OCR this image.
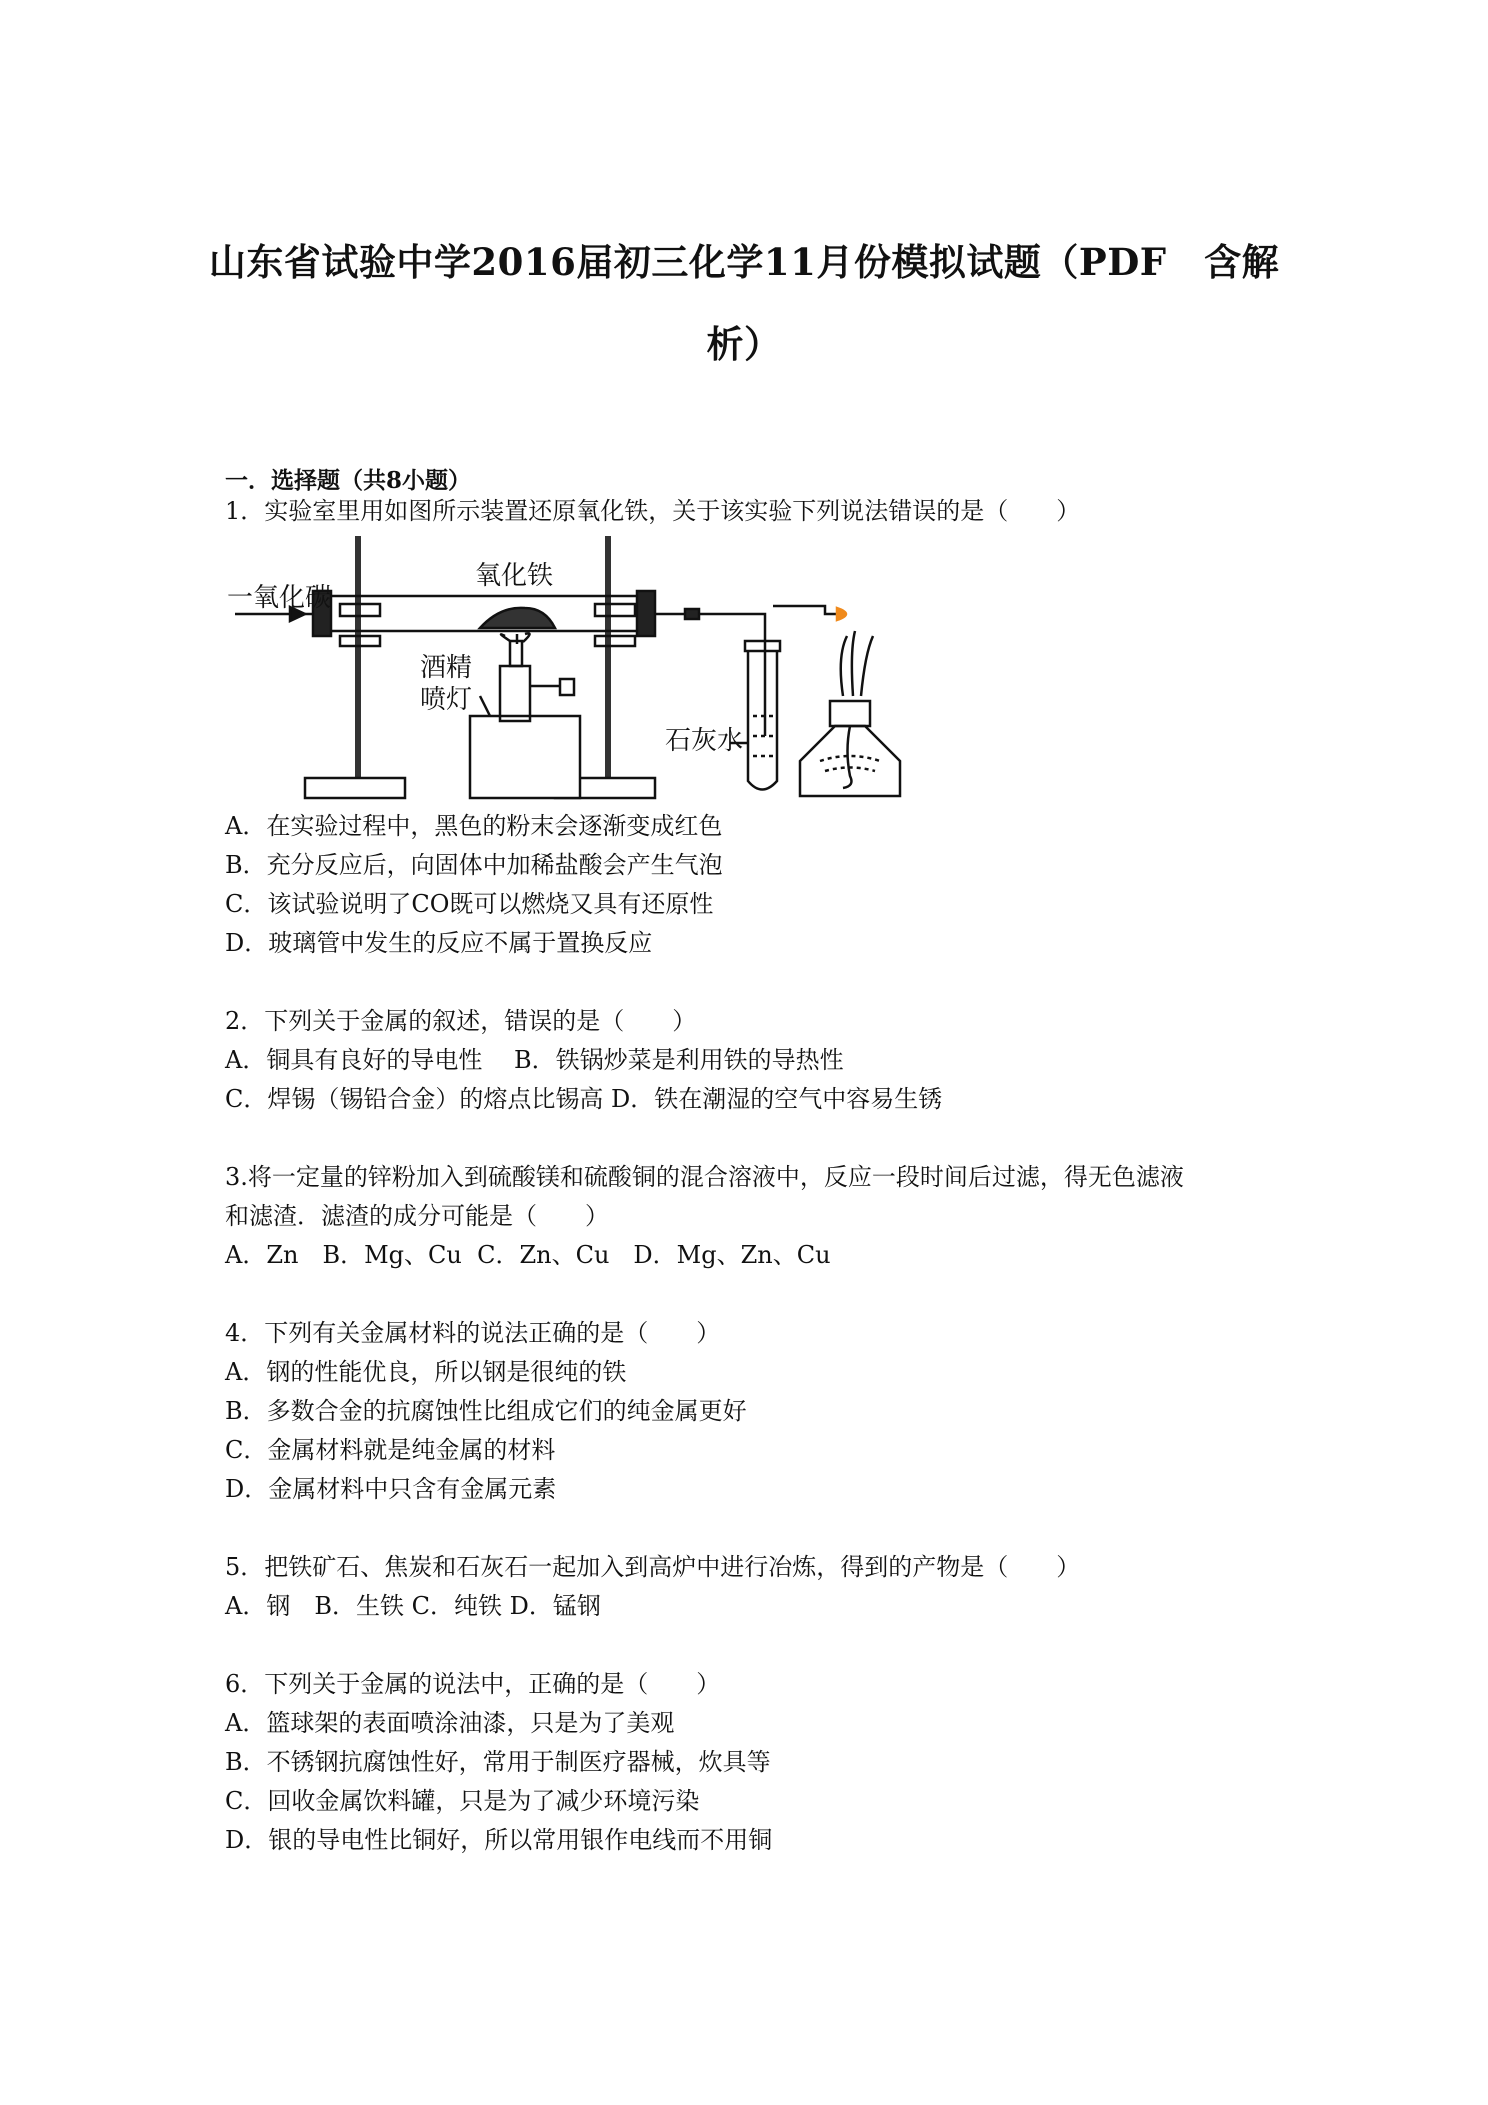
山东省试验中学2016届初三化学11月份模拟试题（PDF　含解
析）
一．选择题（共8小题）
1．实验室里用如图所示装置还原氧化铁，关于该实验下列说法错误的是（　　）
一氧化碳
氧化铁
酒精
喷灯
石灰水
A．在实验过程中，黑色的粉末会逐渐变成红色
B．充分反应后，向固体中加稀盐酸会产生气泡
C．该试验说明了CO既可以燃烧又具有还原性
D．玻璃管中发生的反应不属于置换反应
2．下列关于金属的叙述，错误的是（　　）
A．铜具有良好的导电性　 B．铁锅炒菜是利用铁的导热性
C．焊锡（锡铅合金）的熔点比锡高 D．铁在潮湿的空气中容易生锈
3.将一定量的锌粉加入到硫酸镁和硫酸铜的混合溶液中，反应一段时间后过滤，得无色滤液
和滤渣．滤渣的成分可能是（　　）
A．Zn　B．Mg、Cu  C．Zn、Cu　D．Mg、Zn、Cu
4．下列有关金属材料的说法正确的是（　　）
A．钢的性能优良，所以钢是很纯的铁
B．多数合金的抗腐蚀性比组成它们的纯金属更好
C．金属材料就是纯金属的材料
D．金属材料中只含有金属元素
5．把铁矿石、焦炭和石灰石一起加入到高炉中进行冶炼，得到的产物是（　　）
A．钢　B．生铁 C．纯铁 D．锰钢
6．下列关于金属的说法中，正确的是（　　）
A．篮球架的表面喷涂油漆，只是为了美观
B．不锈钢抗腐蚀性好，常用于制医疗器械，炊具等
C．回收金属饮料罐，只是为了减少环境污染
D．银的导电性比铜好，所以常用银作电线而不用铜
